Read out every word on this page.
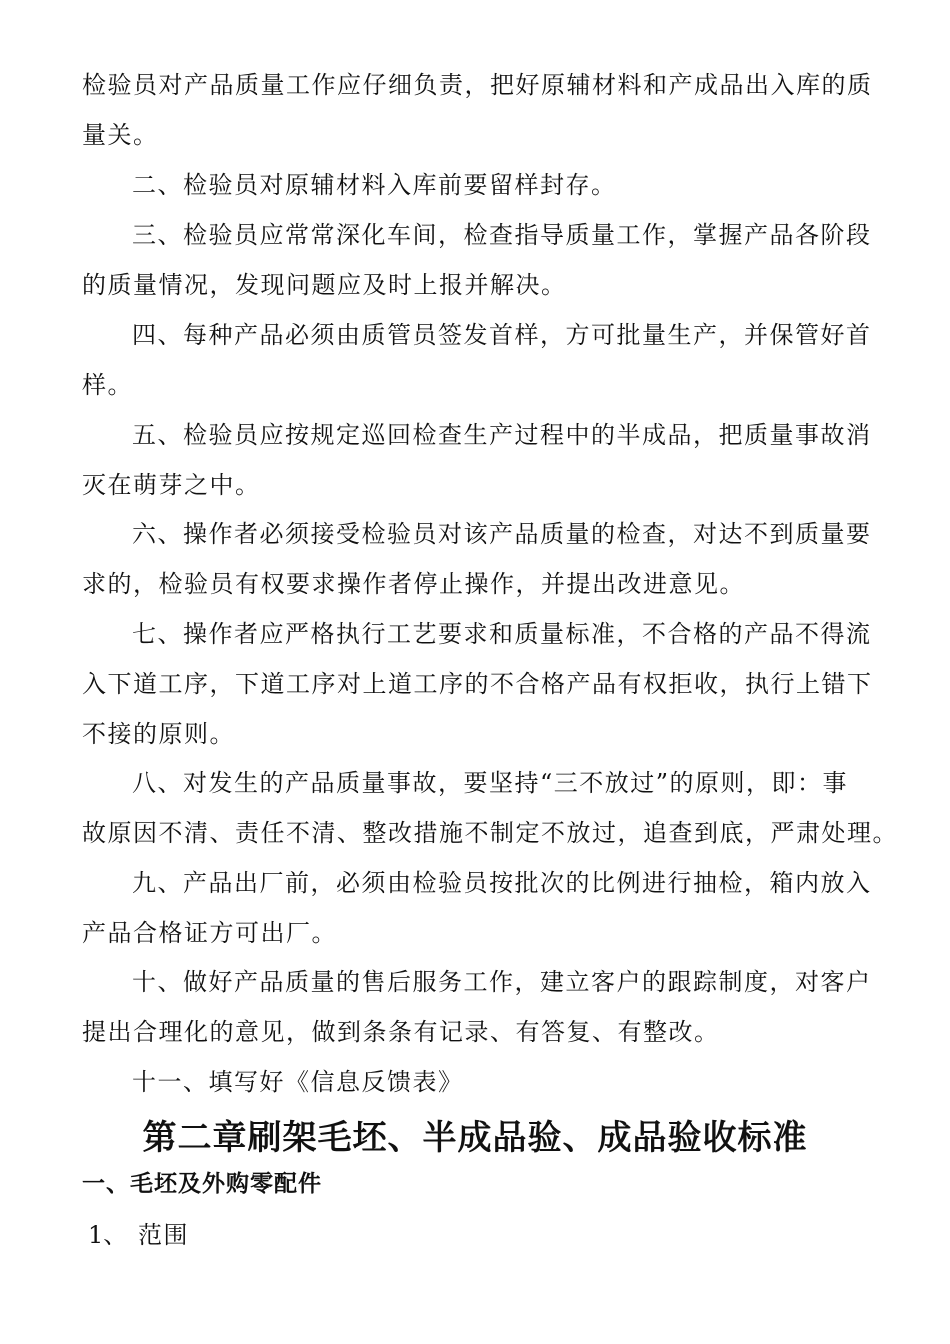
检验员对产品质量工作应仔细负责，把好原辅材料和产成品出入库的质
量关。
二、检验员对原辅材料入库前要留样封存。
三、检验员应常常深化车间，检查指导质量工作，掌握产品各阶段
的质量情况，发现问题应及时上报并解决。
四、每种产品必须由质管员签发首样，方可批量生产，并保管好首
样。
五、检验员应按规定巡回检查生产过程中的半成品，把质量事故消
灭在萌芽之中。
六、操作者必须接受检验员对该产品质量的检查，对达不到质量要
求的，检验员有权要求操作者停止操作，并提出改进意见。
七、操作者应严格执行工艺要求和质量标准，不合格的产品不得流
入下道工序，下道工序对上道工序的不合格产品有权拒收，执行上错下
不接的原则。
八、对发生的产品质量事故，要坚持“三不放过”的原则，即：事
故原因不清、责任不清、整改措施不制定不放过，追查到底，严肃处理。
九、产品出厂前，必须由检验员按批次的比例进行抽检，箱内放入
产品合格证方可出厂。
十、做好产品质量的售后服务工作，建立客户的跟踪制度，对客户
提出合理化的意见，做到条条有记录、有答复、有整改。
十一、填写好《信息反馈表》
第二章刷架毛坯、半成品验、成品验收标准
一、毛坯及外购零配件
1、 范围
